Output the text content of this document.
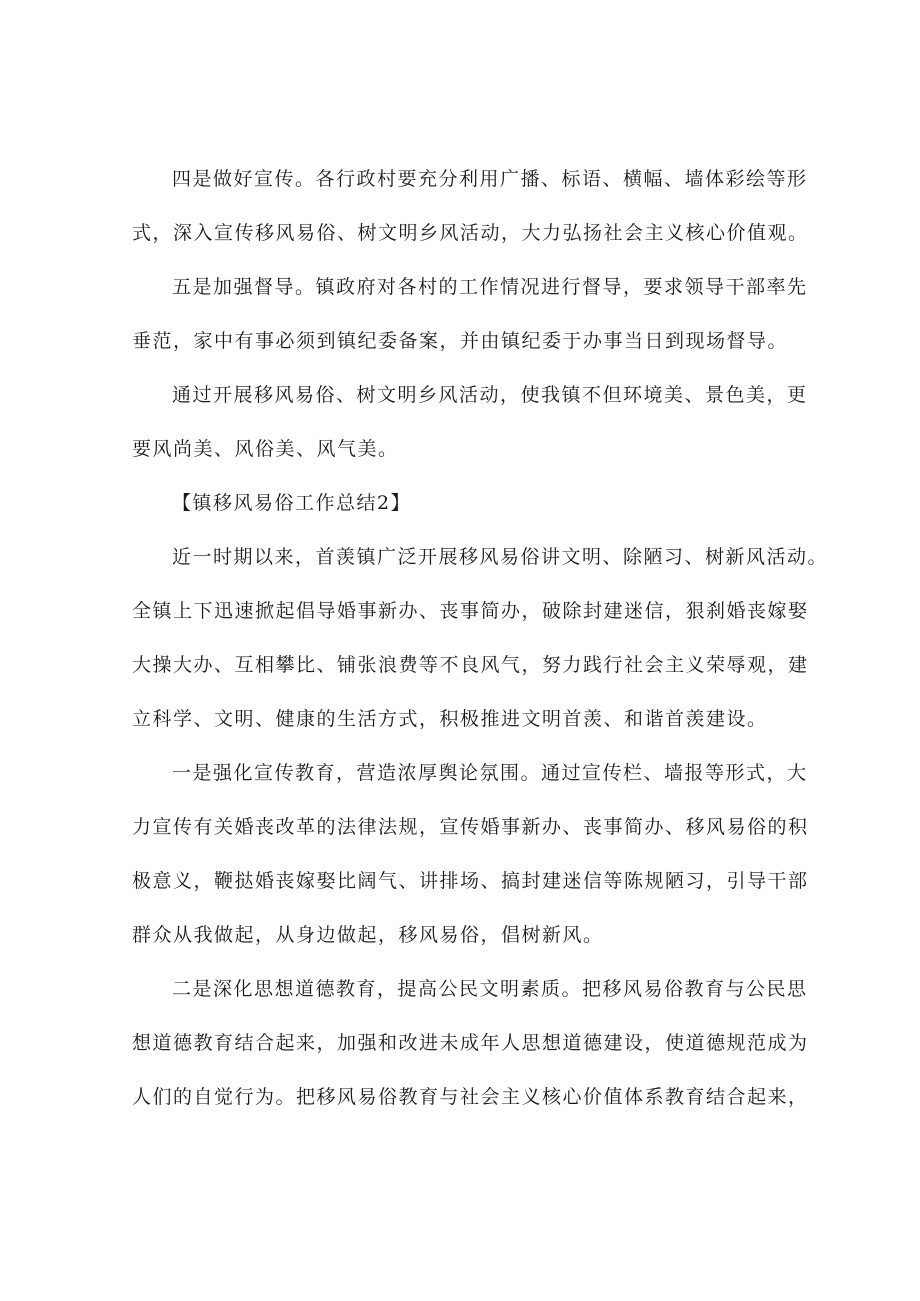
四是做好宣传。各行政村要充分利用广播、标语、横幅、墙体彩绘等形
式，深入宣传移风易俗、树文明乡风活动，大力弘扬社会主义核心价值观。
五是加强督导。镇政府对各村的工作情况进行督导，要求领导干部率先
垂范，家中有事必须到镇纪委备案，并由镇纪委于办事当日到现场督导。
通过开展移风易俗、树文明乡风活动，使我镇不但环境美、景色美，更
要风尚美、风俗美、风气美。
【镇移风易俗工作总结2】
近一时期以来，首羡镇广泛开展移风易俗讲文明、除陋习、树新风活动。
全镇上下迅速掀起倡导婚事新办、丧事简办，破除封建迷信，狠刹婚丧嫁娶
大操大办、互相攀比、铺张浪费等不良风气，努力践行社会主义荣辱观，建
立科学、文明、健康的生活方式，积极推进文明首羡、和谐首羡建设。
一是强化宣传教育，营造浓厚舆论氛围。通过宣传栏、墙报等形式，大
力宣传有关婚丧改革的法律法规，宣传婚事新办、丧事简办、移风易俗的积
极意义，鞭挞婚丧嫁娶比阔气、讲排场、搞封建迷信等陈规陋习，引导干部
群众从我做起，从身边做起，移风易俗，倡树新风。
二是深化思想道德教育，提高公民文明素质。把移风易俗教育与公民思
想道德教育结合起来，加强和改进未成年人思想道德建设，使道德规范成为
人们的自觉行为。把移风易俗教育与社会主义核心价值体系教育结合起来，
